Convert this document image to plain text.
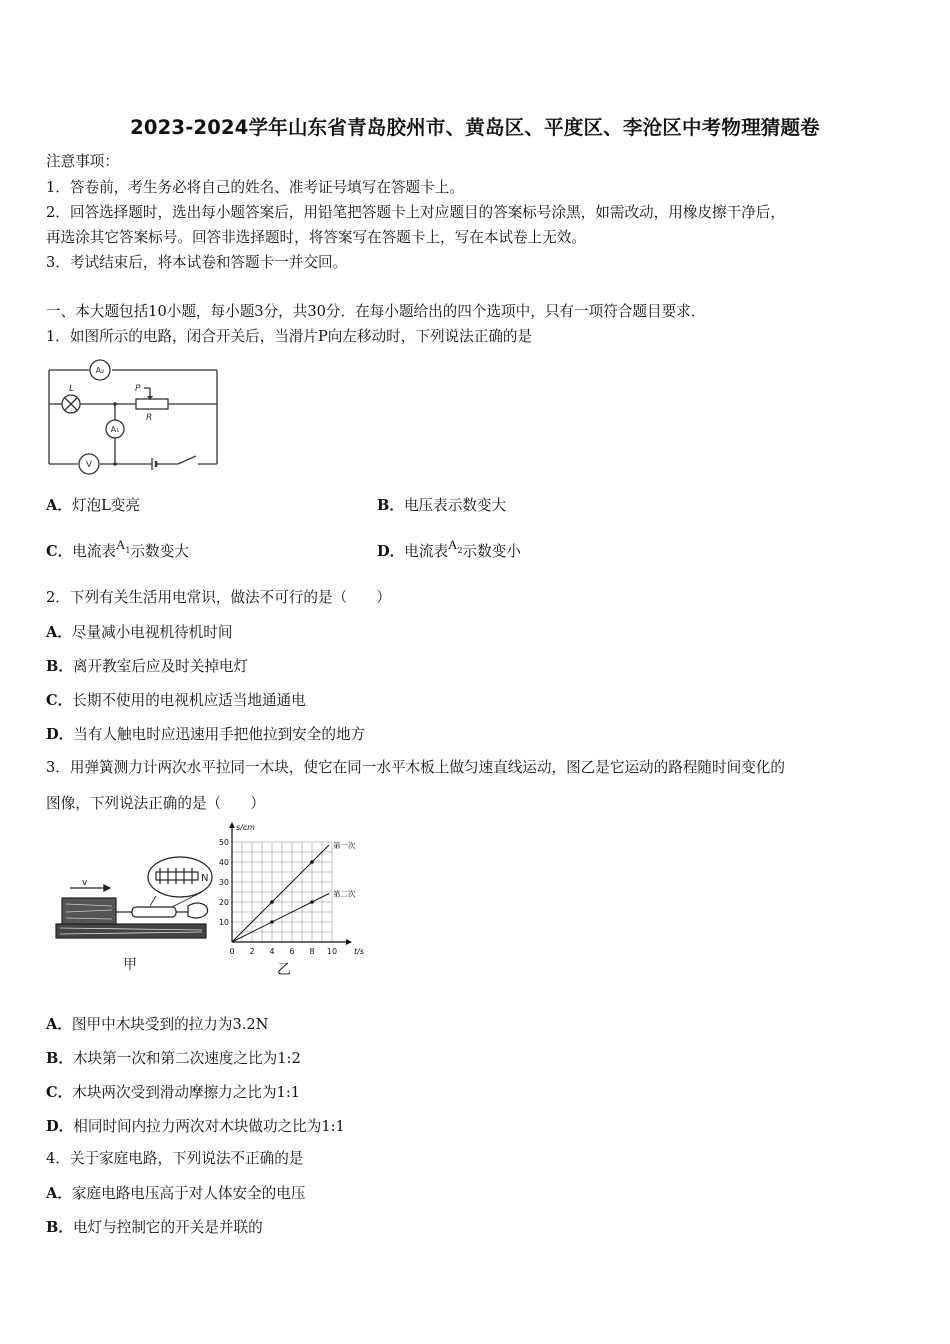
2023-2024学年山东省青岛胶州市、黄岛区、平度区、李沧区中考物理猜题卷
注意事项：
1．答卷前，考生务必将自己的姓名、准考证号填写在答题卡上。
2．回答选择题时，选出每小题答案后，用铅笔把答题卡上对应题目的答案标号涂黑，如需改动，用橡皮擦干净后，
再选涂其它答案标号。回答非选择题时，将答案写在答题卡上，写在本试卷上无效。
3．考试结束后，将本试卷和答题卡一并交回。
一、本大题包括10小题，每小题3分，共30分．在每小题给出的四个选项中，只有一项符合题目要求．
1．如图所示的电路，闭合开关后，当滑片P向左移动时，下列说法正确的是
A₂
A₁
V
L	P
R
A．灯泡L变亮	B．电压表示数变大
C．电流表$A^1$示数变大	D．电流表$A^2$示数变小
2．下列有关生活用电常识，做法不可行的是（　　）
A．尽量减小电视机待机时间
B．离开教室后应及时关掉电灯
C．长期不使用的电视机应适当地通通电
D．当有人触电时应迅速用手把他拉到安全的地方
3．用弹簧测力计两次水平拉同一木块，使它在同一水平木板上做匀速直线运动，图乙是它运动的路程随时间变化的
图像，下列说法正确的是（　　）
v	N
甲
0 2 4 6 8 10
10
20
30
40
50
t/s
s/cm
第一次
第二次
乙
A．图甲中木块受到的拉力为3.2N
B．木块第一次和第二次速度之比为1:2
C．木块两次受到滑动摩擦力之比为1:1
D．相同时间内拉力两次对木块做功之比为1:1
4．关于家庭电路，下列说法不正确的是
A．家庭电路电压高于对人体安全的电压
B．电灯与控制它的开关是并联的
